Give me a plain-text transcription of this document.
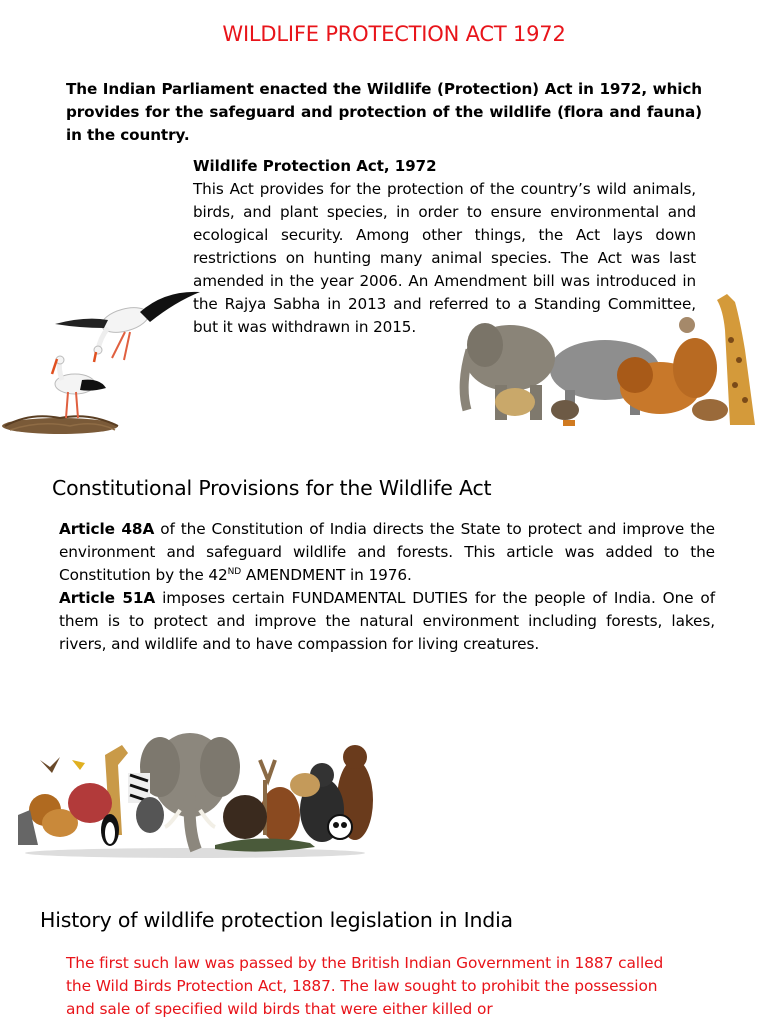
WILDLIFE PROTECTION ACT 1972
The Indian Parliament enacted the Wildlife (Protection) Act in 1972, which provides for the safeguard and protection of the wildlife (flora and fauna) in the country.
Wildlife Protection Act, 1972
This Act provides for the protection of the country’s wild animals, birds, and plant species, in order to ensure environmental and ecological security. Among other things, the Act lays down restrictions on hunting many animal species. The Act was last amended in the year 2006. An Amendment bill was introduced in the Rajya Sabha in 2013 and referred to a Standing Committee, but it was withdrawn in 2015.
Constitutional Provisions for the Wildlife Act
Article 48A of the Constitution of India directs the State to protect and improve the environment and safeguard wildlife and forests. This article was added to the Constitution by the 42ND AMENDMENT in 1976.
Article 51A imposes certain FUNDAMENTAL DUTIES for the people of India. One of them is to protect and improve the natural environment including forests, lakes, rivers, and wildlife and to have compassion for living creatures.
History of wildlife protection legislation in India
The first such law was passed by the British Indian Government in 1887 called the Wild Birds Protection Act, 1887. The law sought to prohibit the possession and sale of specified wild birds that were either killed or
